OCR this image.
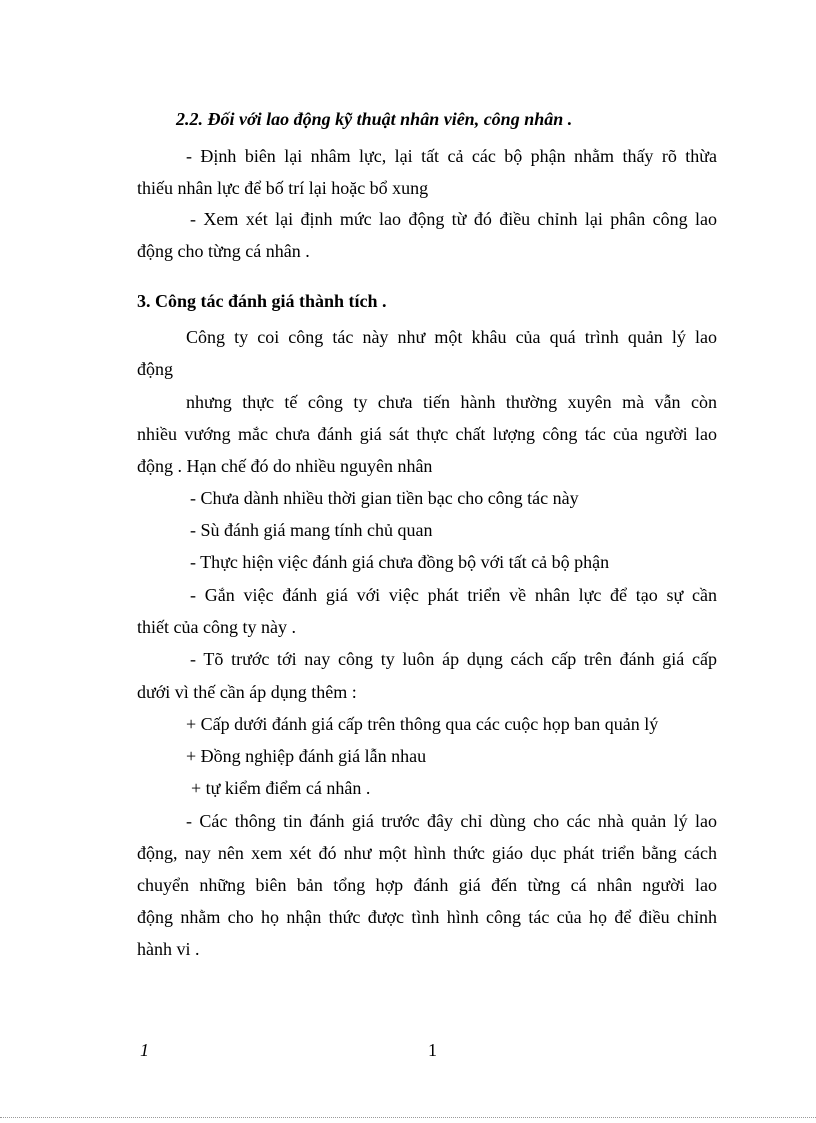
2.2. Đối với lao động kỹ thuật nhân viên, công nhân .
- Định biên lại nhâm lực, lại tất cả các bộ phận nhằm thấy rõ thừa
thiếu nhân lực để bố trí lại hoặc bổ xung
- Xem xét lại định mức lao động từ đó điều chỉnh lại phân công lao
động cho từng cá nhân .
3. Công tác đánh giá thành tích .
Công ty coi công tác này như một khâu của quá trình quản lý lao
động
nhưng thực tế công ty chưa tiến hành thường xuyên mà vẫn còn
nhiều vướng mắc chưa đánh giá sát thực chất lượng công tác của người lao
động . Hạn chế đó do nhiều nguyên nhân
- Chưa dành nhiều thời gian tiền bạc cho công tác này
- Sù đánh giá mang tính chủ quan
- Thực hiện việc đánh giá chưa đồng bộ với tất cả bộ phận
- Gắn việc đánh giá với việc phát triển về nhân lực để tạo sự cần
thiết của công ty này .
- Tõ trước tới nay công ty luôn áp dụng cách cấp trên đánh giá cấp
dưới vì thế cần áp dụng thêm :
+ Cấp dưới đánh giá cấp trên thông qua các cuộc họp ban quản lý
+ Đồng nghiệp đánh giá lẫn nhau
+ tự kiểm điểm cá nhân .
- Các thông tin đánh giá trước đây chỉ dùng cho các nhà quản lý lao
động, nay nên xem xét đó như một hình thức giáo dục phát triển bằng cách
chuyển những biên bản tổng hợp đánh giá đến từng cá nhân người lao
động nhằm cho họ nhận thức được tình hình công tác của họ để điều chỉnh
hành vi .
1	1
